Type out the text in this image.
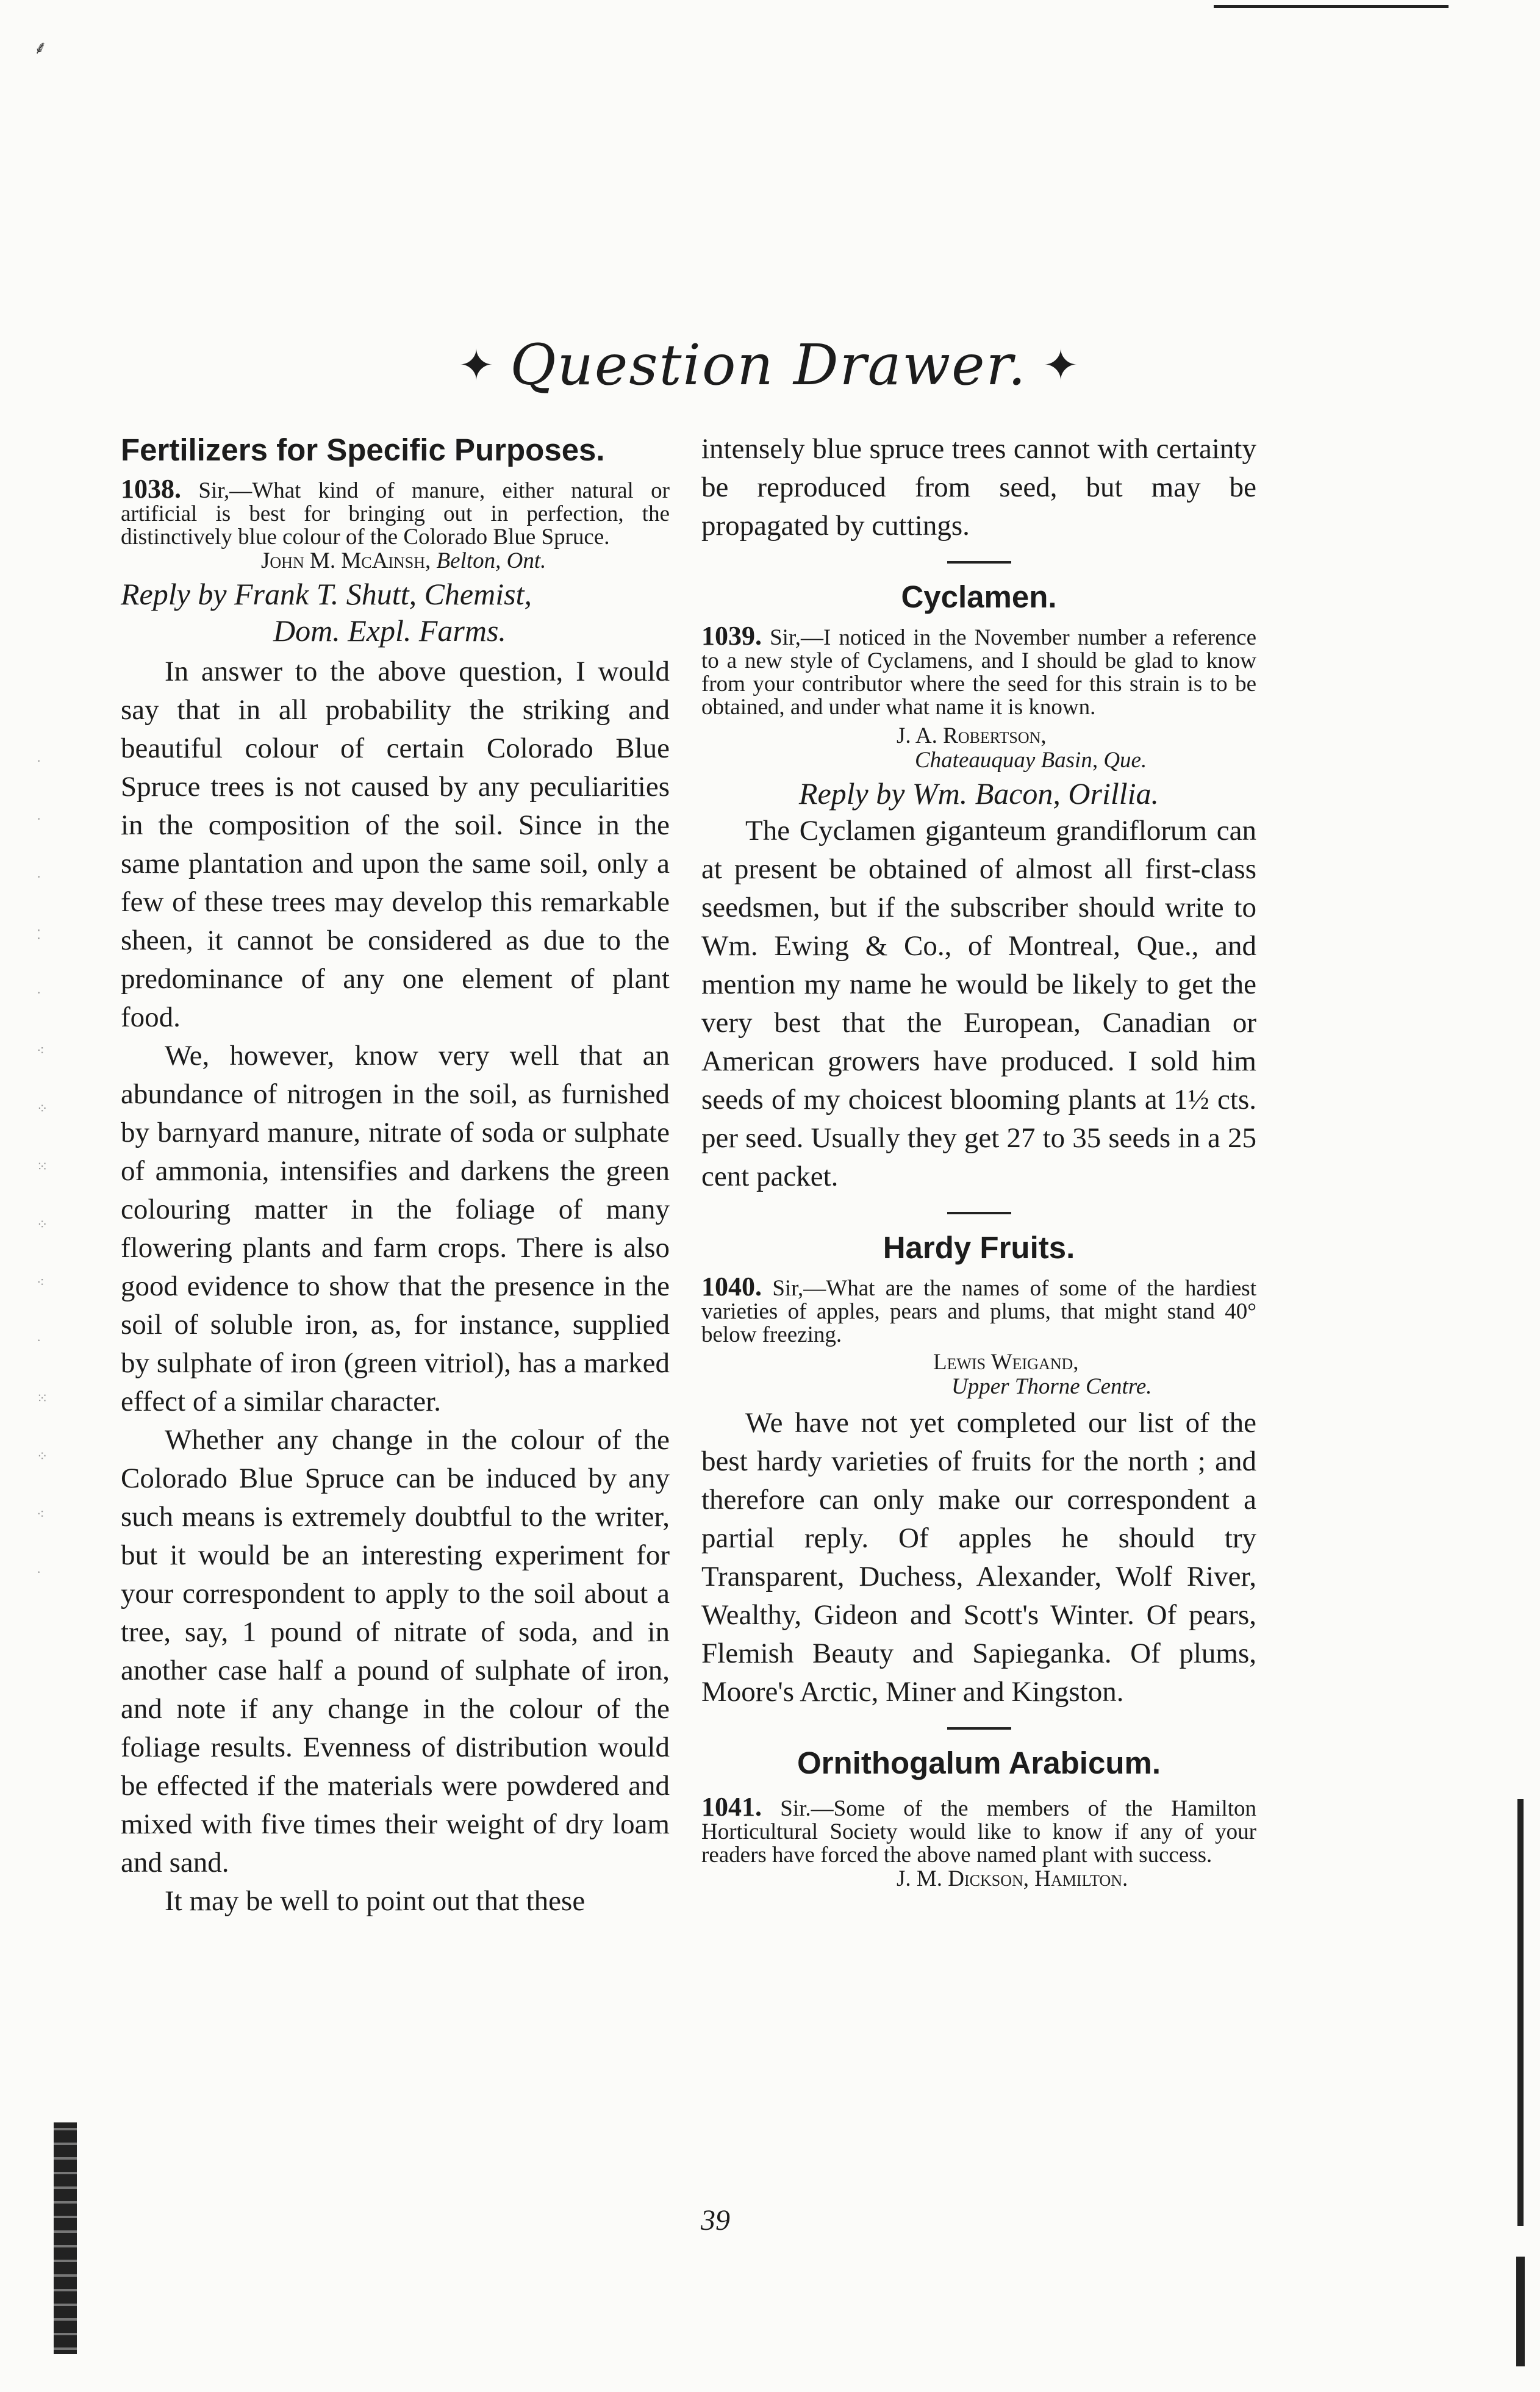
⸙
·
·
·
⁚
·
⁖
⁘
⁙
⁘
⁖
·
⁙
⁘
⁖
·
✦ Question Drawer. ✦
Fertilizers for Specific Purposes.

1038. Sir,—What kind of manure, either natural or artificial is best for bringing out in perfection, the distinctively blue colour of the Colorado Blue Spruce.

John M. McAinsh, Belton, Ont.

Reply by Frank T. Shutt, Chemist,

Dom. Expl. Farms.

In answer to the above question, I would say that in all probability the striking and beautiful colour of certain Colorado Blue Spruce trees is not caused by any peculiarities in the composition of the soil. Since in the same plantation and upon the same soil, only a few of these trees may develop this remarkable sheen, it cannot be considered as due to the predominance of any one element of plant food.

We, however, know very well that an abundance of nitrogen in the soil, as furnished by barnyard manure, nitrate of soda or sulphate of ammonia, intensifies and darkens the green colouring matter in the foliage of many flowering plants and farm crops. There is also good evidence to show that the presence in the soil of soluble iron, as, for instance, supplied by sulphate of iron (green vitriol), has a marked effect of a similar character.

Whether any change in the colour of the Colorado Blue Spruce can be induced by any such means is extremely doubtful to the writer, but it would be an interesting experiment for your correspondent to apply to the soil about a tree, say, 1 pound of nitrate of soda, and in another case half a pound of sulphate of iron, and note if any change in the colour of the foliage results. Evenness of distribution would be effected if the materials were powdered and mixed with five times their weight of dry loam and sand.

It may be well to point out that these

intensely blue spruce trees cannot with certainty be reproduced from seed, but may be propagated by cuttings.

Cyclamen.

1039. Sir,—I noticed in the November number a reference to a new style of Cyclamens, and I should be glad to know from your contributor where the seed for this strain is to be obtained, and under what name it is known.

J. A. Robertson,

Chateauquay Basin, Que.

Reply by Wm. Bacon, Orillia.

The Cyclamen giganteum grandiflorum can at present be obtained of almost all first-class seedsmen, but if the subscriber should write to Wm. Ewing & Co., of Montreal, Que., and mention my name he would be likely to get the very best that the European, Canadian or American growers have produced. I sold him seeds of my choicest blooming plants at 1½ cts. per seed. Usually they get 27 to 35 seeds in a 25 cent packet.

Hardy Fruits.

1040. Sir,—What are the names of some of the hardiest varieties of apples, pears and plums, that might stand 40° below freezing.

Lewis Weigand,

Upper Thorne Centre.

We have not yet completed our list of the best hardy varieties of fruits for the north ; and therefore can only make our correspondent a partial reply. Of apples he should try Transparent, Duchess, Alexander, Wolf River, Wealthy, Gideon and Scott's Winter. Of pears, Flemish Beauty and Sapieganka. Of plums, Moore's Arctic, Miner and Kingston.

Ornithogalum Arabicum.

1041. Sir.—Some of the members of the Hamilton Horticultural Society would like to know if any of your readers have forced the above named plant with success.

J. M. Dickson, Hamilton.

39
